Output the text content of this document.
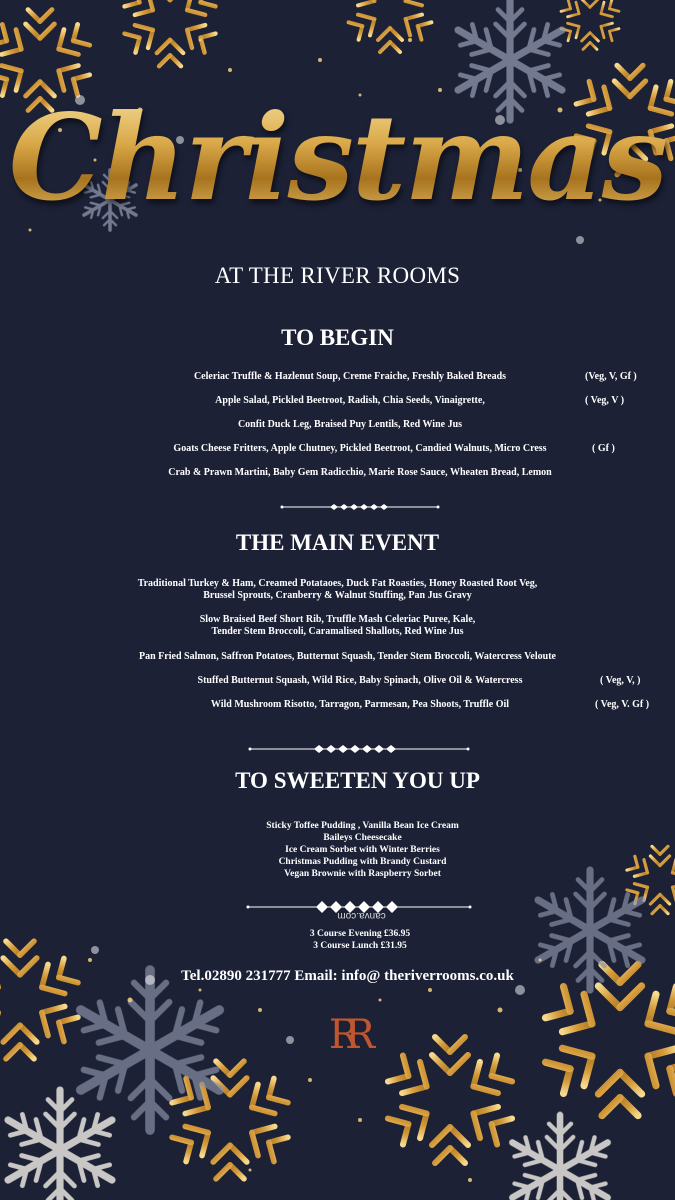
Christmas
AT THE RIVER ROOMS
TO BEGIN
Celeriac Truffle & Hazlenut Soup, Creme Fraiche, Freshly Baked Breads	(Veg, V, Gf )
Apple Salad, Pickled Beetroot, Radish, Chia Seeds, Vinaigrette,	( Veg, V )
Confit Duck Leg, Braised Puy Lentils, Red Wine Jus
Goats Cheese Fritters, Apple Chutney, Pickled Beetroot, Candied Walnuts, Micro Cress	( Gf )
Crab & Prawn Martini, Baby Gem Radicchio, Marie Rose Sauce, Wheaten Bread, Lemon
THE MAIN EVENT
Traditional Turkey & Ham, Creamed Potataoes, Duck Fat Roasties, Honey Roasted Root Veg,
Brussel Sprouts, Cranberry & Walnut Stuffing, Pan Jus Gravy
Slow Braised Beef Short Rib, Truffle Mash Celeriac Puree, Kale,
Tender Stem Broccoli, Caramalised Shallots, Red Wine Jus
Pan Fried Salmon, Saffron Potatoes, Butternut Squash, Tender Stem Broccoli, Watercress Veloute
Stuffed Butternut Squash, Wild Rice, Baby Spinach, Olive Oil & Watercress	( Veg, V, )
Wild Mushroom Risotto, Tarragon, Parmesan, Pea Shoots, Truffle Oil	( Veg, V. Gf )
TO SWEETEN YOU UP
Sticky Toffee Pudding , Vanilla Bean Ice Cream
Baileys Cheesecake
Ice Cream Sorbet with Winter Berries
Christmas Pudding with Brandy Custard
Vegan Brownie with Raspberry Sorbet
canva.com
3 Course Evening £36.95
3 Course Lunch £31.95
Tel.02890 231777 Email: info@ theriverrooms.co.uk
RR
